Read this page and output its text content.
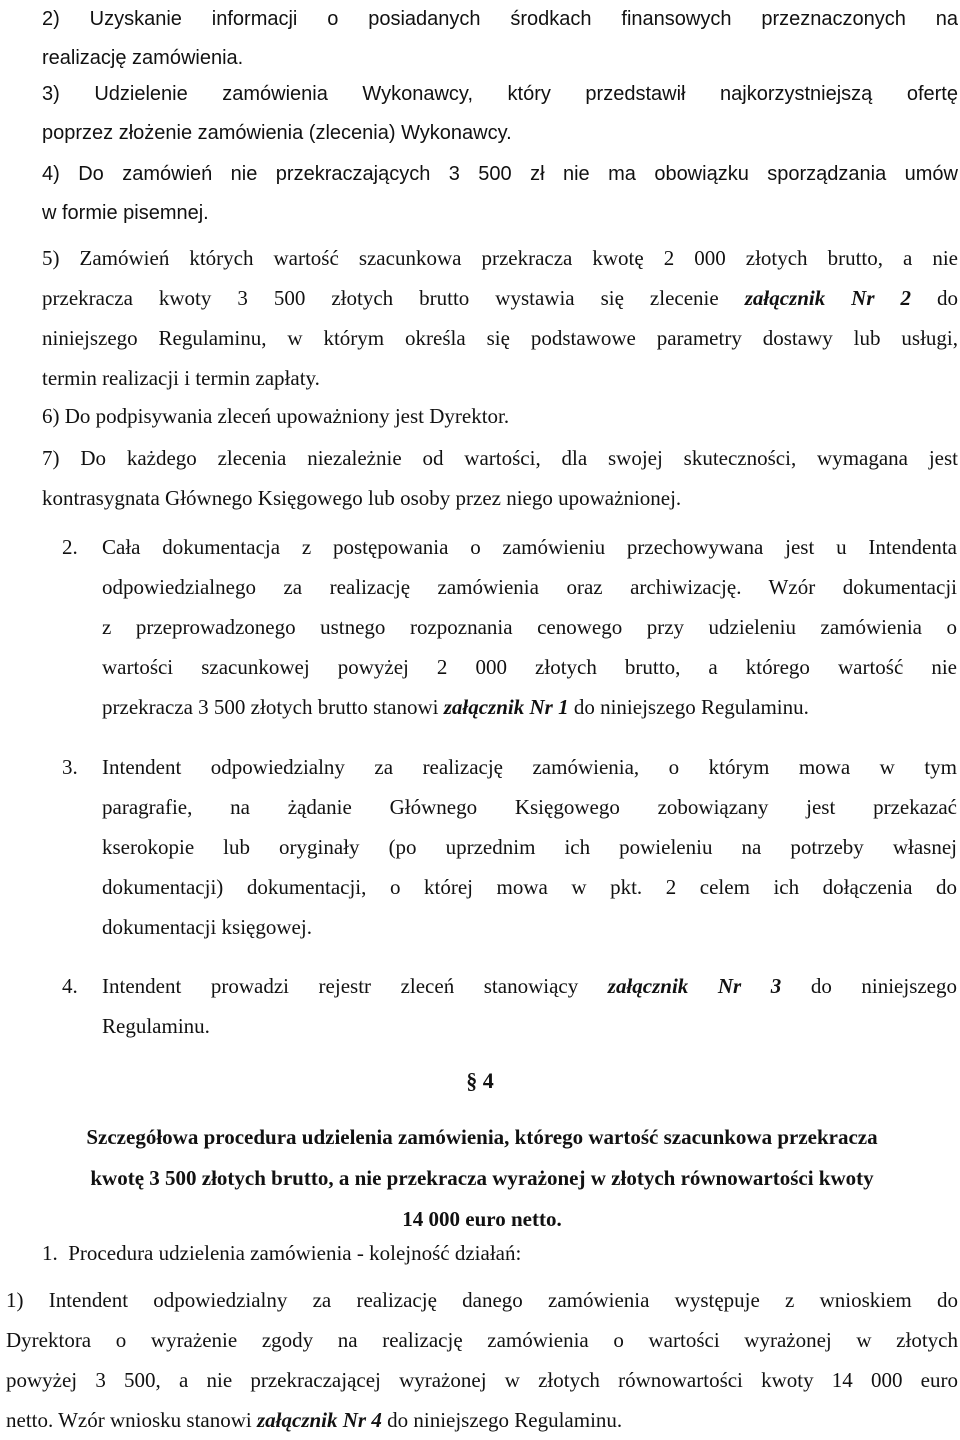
2) Uzyskanie informacji o posiadanych środkach finansowych przeznaczonych na
realizację zamówienia.
3) Udzielenie zamówienia Wykonawcy, który przedstawił najkorzystniejszą ofertę
poprzez złożenie zamówienia (zlecenia) Wykonawcy.
4) Do zamówień nie przekraczających 3 500 zł nie ma obowiązku sporządzania umów
w formie pisemnej.
5) Zamówień których wartość szacunkowa przekracza kwotę 2 000 złotych brutto, a nie
przekracza kwoty 3 500 złotych brutto wystawia się zlecenie załącznik Nr 2 do
niniejszego Regulaminu, w którym określa się podstawowe parametry dostawy lub usługi,
termin realizacji i termin zapłaty.
6) Do podpisywania zleceń upoważniony jest Dyrektor.
7) Do każdego zlecenia niezależnie od wartości, dla swojej skuteczności, wymagana jest
kontrasygnata Głównego Księgowego lub osoby przez niego upoważnionej.
2. Cała dokumentacja z postępowania o zamówieniu przechowywana jest u Intendenta
odpowiedzialnego za realizację zamówienia oraz archiwizację. Wzór dokumentacji
z przeprowadzonego ustnego rozpoznania cenowego przy udzieleniu zamówienia o
wartości szacunkowej powyżej 2 000 złotych brutto, a którego wartość nie
przekracza 3 500 złotych brutto stanowi załącznik Nr 1 do niniejszego Regulaminu.
3. Intendent odpowiedzialny za realizację zamówienia, o którym mowa w tym
paragrafie, na żądanie Głównego Księgowego zobowiązany jest przekazać
kserokopie lub oryginały (po uprzednim ich powieleniu na potrzeby własnej
dokumentacji) dokumentacji, o której mowa w pkt. 2 celem ich dołączenia do
dokumentacji księgowej.
4. Intendent prowadzi rejestr zleceń stanowiący załącznik Nr 3 do niniejszego
Regulaminu.
§ 4
Szczegółowa procedura udzielenia zamówienia, którego wartość szacunkowa przekracza
kwotę 3 500 złotych brutto, a nie przekracza wyrażonej w złotych równowartości kwoty
14 000 euro netto.
1.  Procedura udzielenia zamówienia - kolejność działań:
1) Intendent odpowiedzialny za realizację danego zamówienia występuje z wnioskiem do
Dyrektora o wyrażenie zgody na realizację zamówienia o wartości wyrażonej w złotych
powyżej 3 500, a nie przekraczającej wyrażonej w złotych równowartości kwoty 14 000 euro
netto. Wzór wniosku stanowi załącznik Nr 4 do niniejszego Regulaminu.
